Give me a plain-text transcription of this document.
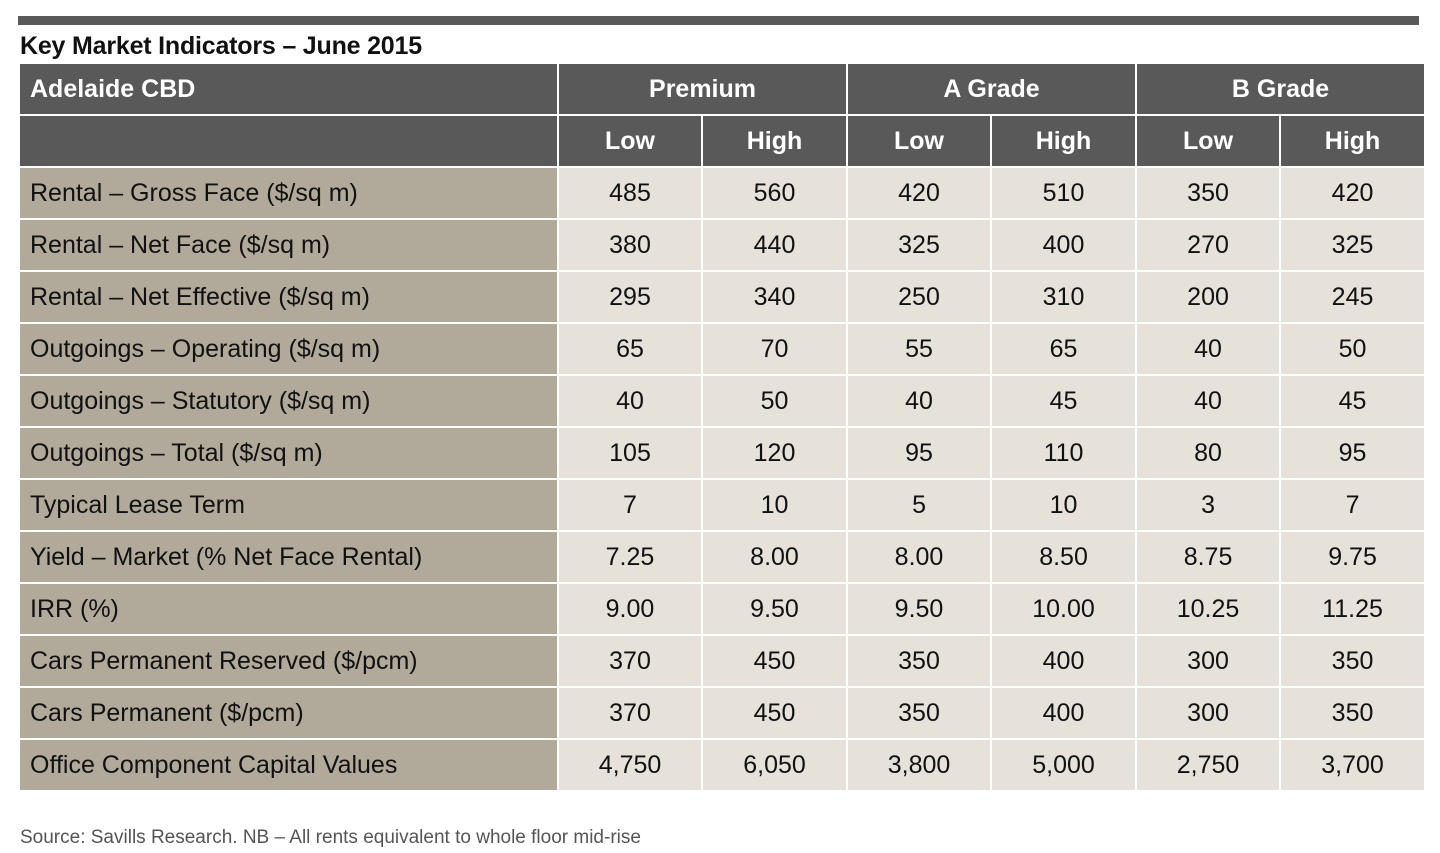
Key Market Indicators – June 2015
Adelaide CBD	Premium		A Grade		B Grade	
	Low	High	Low	High	Low	High
Rental – Gross Face ($/sq m)	485	560	420	510	350	420
Rental – Net Face ($/sq m)	380	440	325	400	270	325
Rental – Net Effective ($/sq m)	295	340	250	310	200	245
Outgoings – Operating ($/sq m)	65	70	55	65	40	50
Outgoings – Statutory ($/sq m)	40	50	40	45	40	45
Outgoings – Total ($/sq m)	105	120	95	110	80	95
Typical Lease Term	7	10	5	10	3	7
Yield – Market (% Net Face Rental)	7.25	8.00	8.00	8.50	8.75	9.75
IRR (%)	9.00	9.50	9.50	10.00	10.25	11.25
Cars Permanent Reserved ($/pcm)	370	450	350	400	300	350
Cars Permanent ($/pcm)	370	450	350	400	300	350
Office Component Capital Values	4,750	6,050	3,800	5,000	2,750	3,700
Source: Savills Research. NB – All rents equivalent to whole floor mid-rise
